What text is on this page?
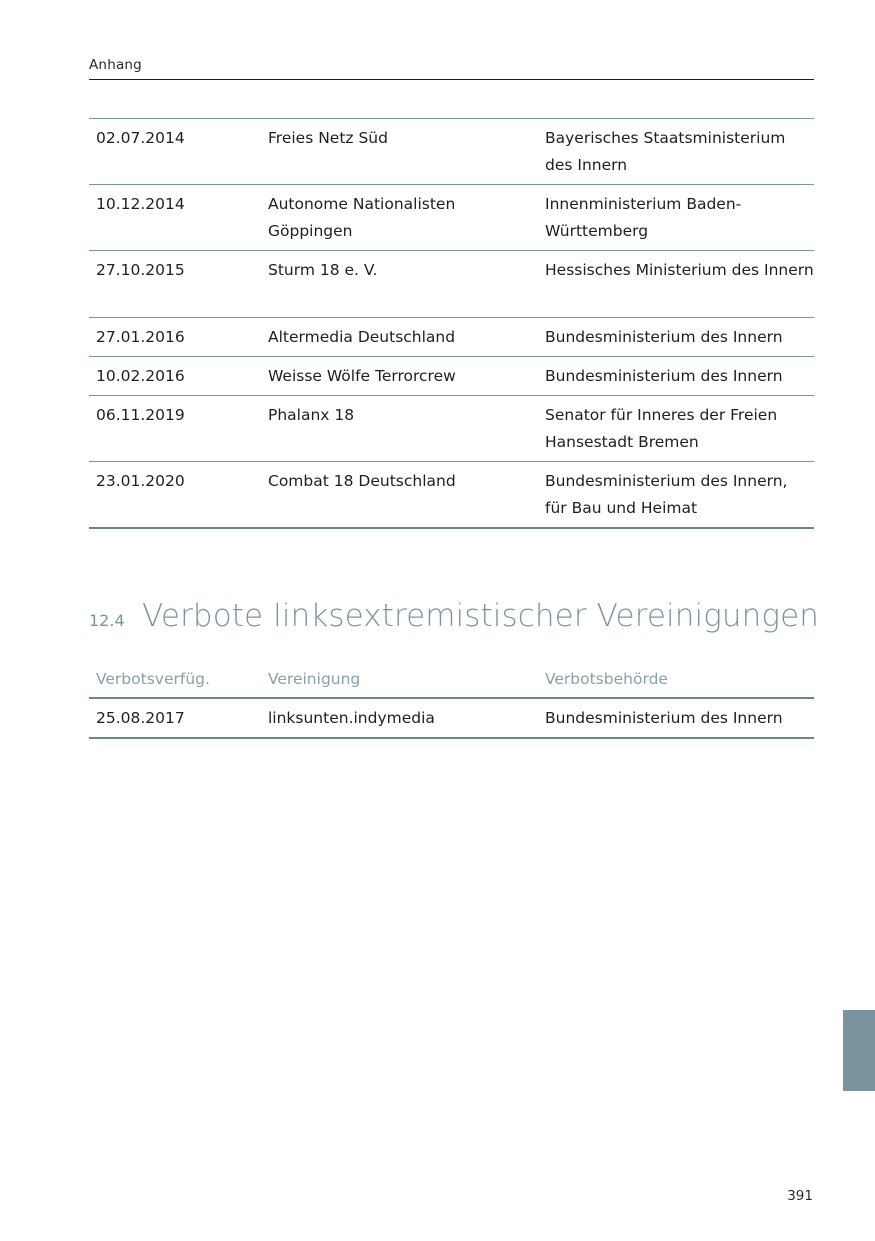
Anhang
02.07.2014	Freies Netz Süd	Bayerisches Staatsministerium des Innern
10.12.2014	Autonome Nationalisten Göppingen	Innenministerium Baden-Württemberg
27.10.2015	Sturm 18 e. V.	Hessisches Ministerium des Innern
27.01.2016	Altermedia Deutschland	Bundesministerium des Innern
10.02.2016	Weisse Wölfe Terrorcrew	Bundesministerium des Innern
06.11.2019	Phalanx 18	Senator für Inneres der Freien Hansestadt Bremen
23.01.2020	Combat 18 Deutschland	Bundesministerium des Innern, für Bau und Heimat
12.4 Verbote linksextremistischer Vereinigungen
Verbotsverfüg.	Vereinigung	Verbotsbehörde
25.08.2017	linksunten.indymedia	Bundesministerium des Innern
391
